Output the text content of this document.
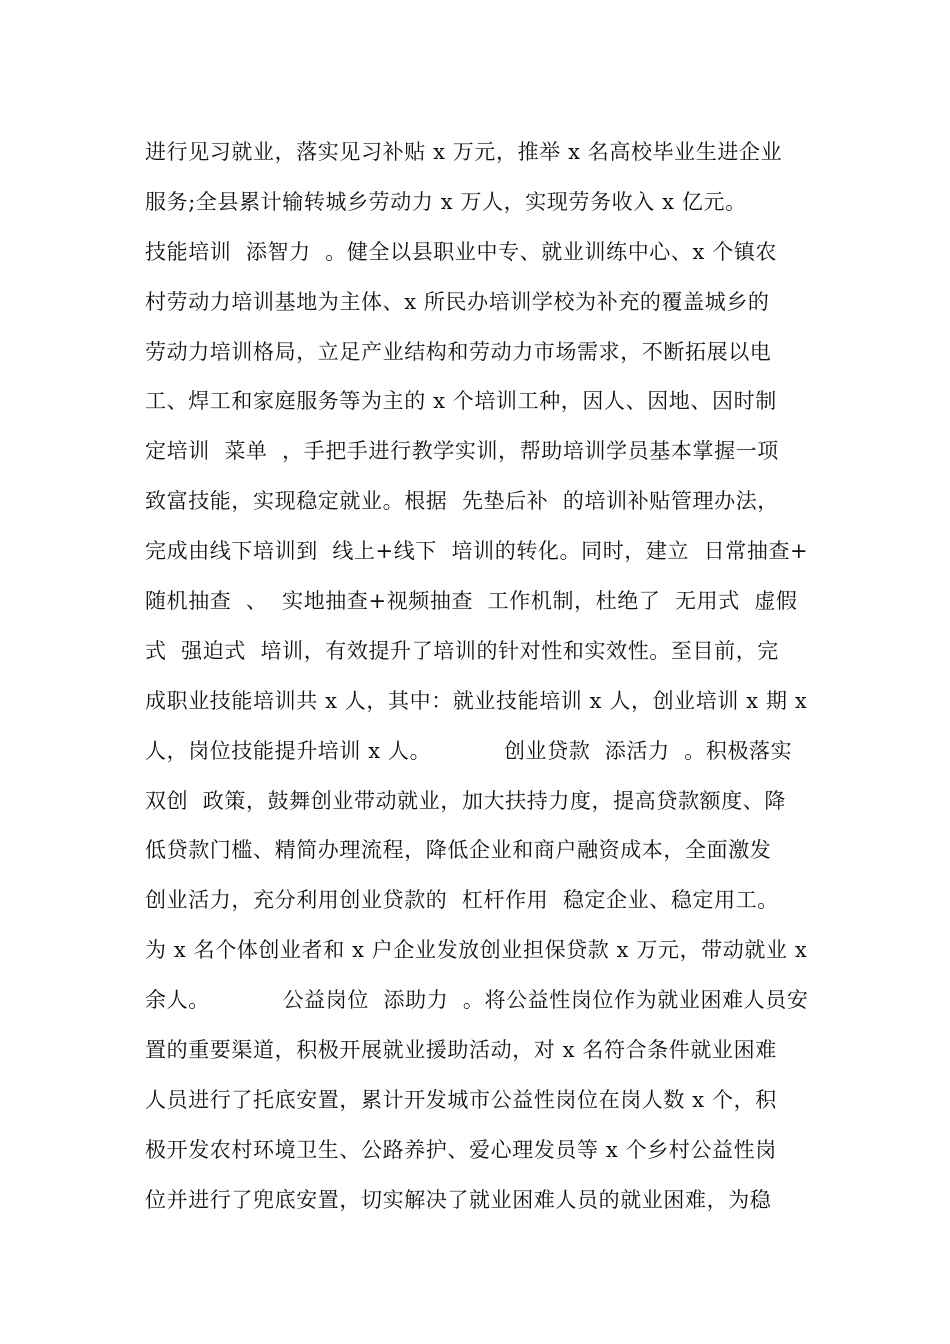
进行见习就业，落实见习补贴 x 万元，推举 x 名高校毕业生进企业
服务;全县累计输转城乡劳动力 x 万人，实现劳务收入 x 亿元。
技能培训  添智力  。健全以县职业中专、就业训练中心、x 个镇农
村劳动力培训基地为主体、x 所民办培训学校为补充的覆盖城乡的
劳动力培训格局，立足产业结构和劳动力市场需求，不断拓展以电
工、焊工和家庭服务等为主的 x 个培训工种，因人、因地、因时制
定培训  菜单  ，手把手进行教学实训，帮助培训学员基本掌握一项
致富技能，实现稳定就业。根据  先垫后补  的培训补贴管理办法，
完成由线下培训到  线上+线下  培训的转化。同时，建立  日常抽查+
随机抽查  、  实地抽查+视频抽查  工作机制，杜绝了  无用式  虚假
式  强迫式  培训，有效提升了培训的针对性和实效性。至目前，完
成职业技能培训共 x 人，其中：就业技能培训 x 人，创业培训 x 期 x
人，岗位技能提升培训 x 人。          创业贷款  添活力  。积极落实
双创  政策，鼓舞创业带动就业，加大扶持力度，提高贷款额度、降
低贷款门槛、精简办理流程，降低企业和商户融资成本，全面激发
创业活力，充分利用创业贷款的  杠杆作用  稳定企业、稳定用工。
为 x 名个体创业者和 x 户企业发放创业担保贷款 x 万元，带动就业 x
余人。          公益岗位  添助力  。将公益性岗位作为就业困难人员安
置的重要渠道，积极开展就业援助活动，对 x 名符合条件就业困难
人员进行了托底安置，累计开发城市公益性岗位在岗人数 x 个，积
极开发农村环境卫生、公路养护、爱心理发员等 x 个乡村公益性岗
位并进行了兜底安置，切实解决了就业困难人员的就业困难，为稳
